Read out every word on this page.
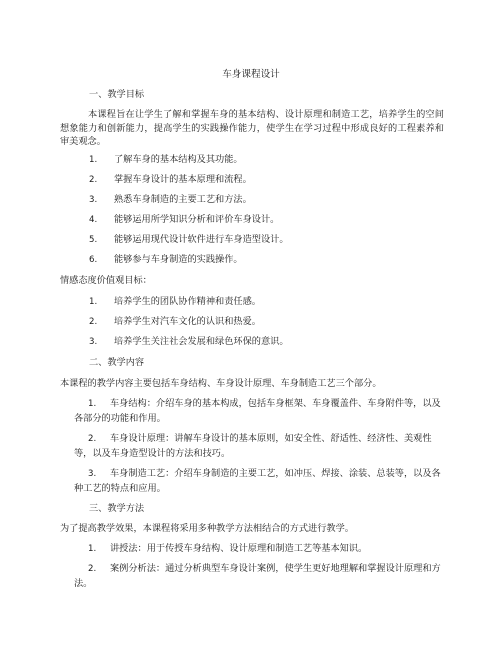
车身课程设计
一、教学目标
本课程旨在让学生了解和掌握车身的基本结构、设计原理和制造工艺，培养学生的空间想象能力和创新能力，提高学生的实践操作能力，使学生在学习过程中形成良好的工程素养和审美观念。
1. 了解车身的基本结构及其功能。
2. 掌握车身设计的基本原理和流程。
3. 熟悉车身制造的主要工艺和方法。
4. 能够运用所学知识分析和评价车身设计。
5. 能够运用现代设计软件进行车身造型设计。
6. 能够参与车身制造的实践操作。
情感态度价值观目标：
1. 培养学生的团队协作精神和责任感。
2. 培养学生对汽车文化的认识和热爱。
3. 培养学生关注社会发展和绿色环保的意识。
二、教学内容
本课程的教学内容主要包括车身结构、车身设计原理、车身制造工艺三个部分。
1. 车身结构：介绍车身的基本构成，包括车身框架、车身覆盖件、车身附件等，以及各部分的功能和作用。
2. 车身设计原理：讲解车身设计的基本原则，如安全性、舒适性、经济性、美观性等，以及车身造型设计的方法和技巧。
3. 车身制造工艺：介绍车身制造的主要工艺，如冲压、焊接、涂装、总装等，以及各种工艺的特点和应用。
三、教学方法
为了提高教学效果，本课程将采用多种教学方法相结合的方式进行教学。
1. 讲授法：用于传授车身结构、设计原理和制造工艺等基本知识。
2. 案例分析法：通过分析典型车身设计案例，使学生更好地理解和掌握设计原理和方法。
